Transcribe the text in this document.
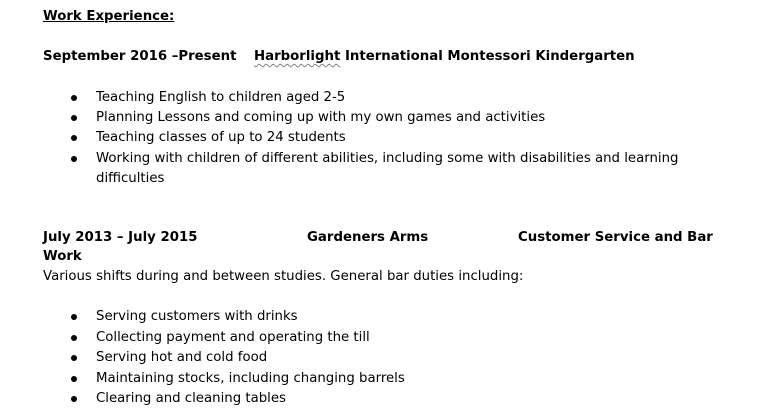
Work Experience:
September 2016 –Present Harborlight International Montessori Kindergarten
Teaching English to children aged 2-5
Planning Lessons and coming up with my own games and activities
Teaching classes of up to 24 students
Working with children of different abilities, including some with disabilities and learning
difficulties
July 2013 – July 2015	Gardeners Arms	Customer Service and Bar
Work
Various shifts during and between studies. General bar duties including:
Serving customers with drinks
Collecting payment and operating the till
Serving hot and cold food
Maintaining stocks, including changing barrels
Clearing and cleaning tables
